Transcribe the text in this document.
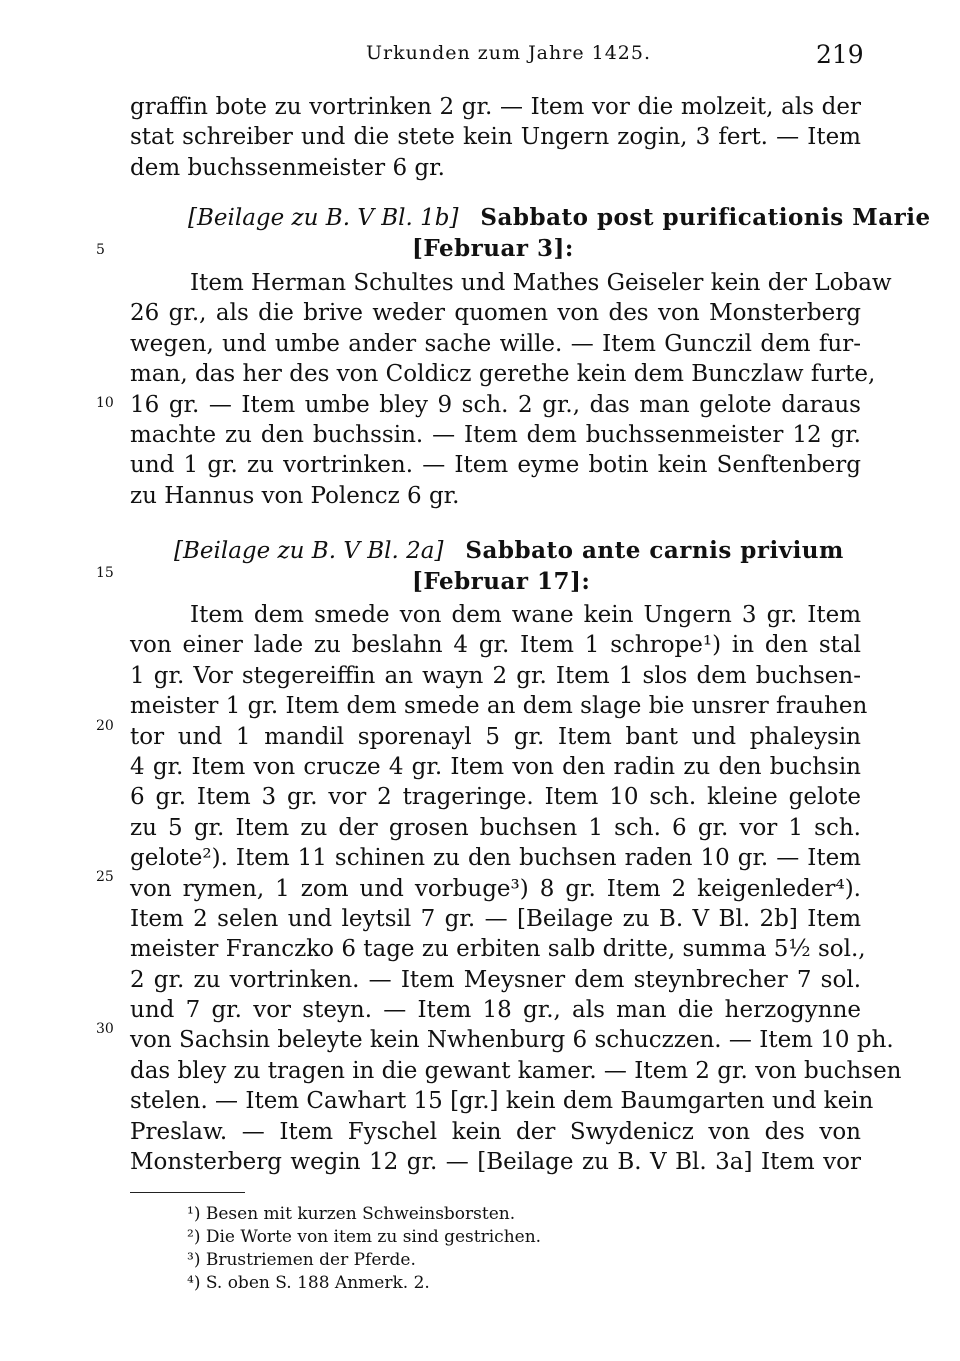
Urkunden zum Jahre 1425.	219
5
10
15
20
25
30
graffin bote zu vortrinken 2 gr. — Item vor die molzeit, als der
stat schreiber und die stete kein Ungern zogin, 3 fert. — Item
dem buchssenmeister 6 gr.
[Beilage zu B. V Bl. 1b] Sabbato post purificationis Marie
[Februar 3]:
Item Herman Schultes und Mathes Geiseler kein der Lobaw
26 gr., als die brive weder quomen von des von Monsterberg
wegen, und umbe ander sache wille. — Item Gunczil dem fur-
man, das her des von Coldicz gerethe kein dem Bunczlaw furte,
16 gr. — Item umbe bley 9 sch. 2 gr., das man gelote daraus
machte zu den buchssin. — Item dem buchssenmeister 12 gr.
und 1 gr. zu vortrinken. — Item eyme botin kein Senftenberg
zu Hannus von Polencz 6 gr.
[Beilage zu B. V Bl. 2a] Sabbato ante carnis privium
[Februar 17]:
Item dem smede von dem wane kein Ungern 3 gr. Item
von einer lade zu beslahn 4 gr. Item 1 schrope¹) in den stal
1 gr. Vor stegereiffin an wayn 2 gr. Item 1 slos dem buchsen-
meister 1 gr. Item dem smede an dem slage bie unsrer frauhen
tor und 1 mandil sporenayl 5 gr. Item bant und phaleysin
4 gr. Item von crucze 4 gr. Item von den radin zu den buchsin
6 gr. Item 3 gr. vor 2 trageringe. Item 10 sch. kleine gelote
zu 5 gr. Item zu der grosen buchsen 1 sch. 6 gr. vor 1 sch.
gelote²). Item 11 schinen zu den buchsen raden 10 gr. — Item
von rymen, 1 zom und vorbuge³) 8 gr. Item 2 keigenleder⁴).
Item 2 selen und leytsil 7 gr. — [Beilage zu B. V Bl. 2b] Item
meister Franczko 6 tage zu erbiten salb dritte, summa 5½ sol.,
2 gr. zu vortrinken. — Item Meysner dem steynbrecher 7 sol.
und 7 gr. vor steyn. — Item 18 gr., als man die herzogynne
von Sachsin beleyte kein Nwhenburg 6 schuczzen. — Item 10 ph.
das bley zu tragen in die gewant kamer. — Item 2 gr. von buchsen
stelen. — Item Cawhart 15 [gr.] kein dem Baumgarten und kein
Preslaw. — Item Fyschel kein der Swydenicz von des von
Monsterberg wegin 12 gr. — [Beilage zu B. V Bl. 3a] Item vor
¹) Besen mit kurzen Schweinsborsten.
²) Die Worte von item zu sind gestrichen.
³) Brustriemen der Pferde.
⁴) S. oben S. 188 Anmerk. 2.
